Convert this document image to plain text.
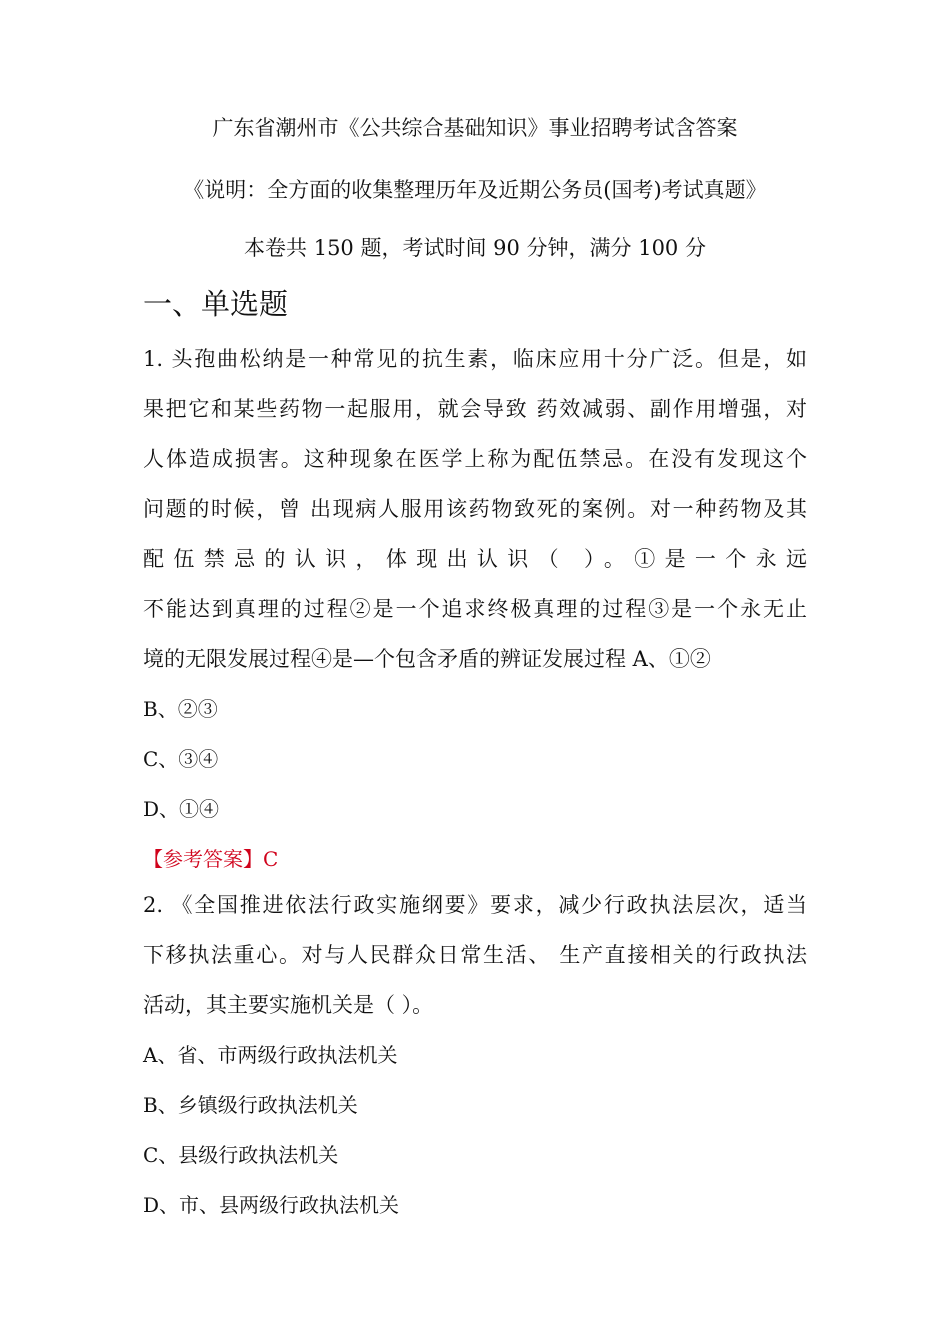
广东省潮州市《公共综合基础知识》事业招聘考试含答案
《说明：全方面的收集整理历年及近期公务员(国考)考试真题》
本卷共 150 题，考试时间 90 分钟，满分 100 分
一、单选题
1. 头孢曲松纳是一种常见的抗生素，临床应用十分广泛。但是，如
果把它和某些药物一起服用，就会导致 药效减弱、副作用增强，对
人体造成损害。这种现象在医学上称为配伍禁忌。在没有发现这个
问题的时候，曾 出现病人服用该药物致死的案例。对一种药物及其
配伍禁忌的认识，体现出认识（ ）。①是一个永远
不能达到真理的过程②是一个追求终极真理的过程③是一个永无止
境的无限发展过程④是—个包含矛盾的辨证发展过程 A、①②
B、②③
C、③④
D、①④
【参考答案】C
2. 《全国推进依法行政实施纲要》要求，减少行政执法层次，适当
下移执法重心。对与人民群众日常生活、 生产直接相关的行政执法
活动，其主要实施机关是（ ）。
A、省、市两级行政执法机关
B、乡镇级行政执法机关
C、县级行政执法机关
D、市、县两级行政执法机关
